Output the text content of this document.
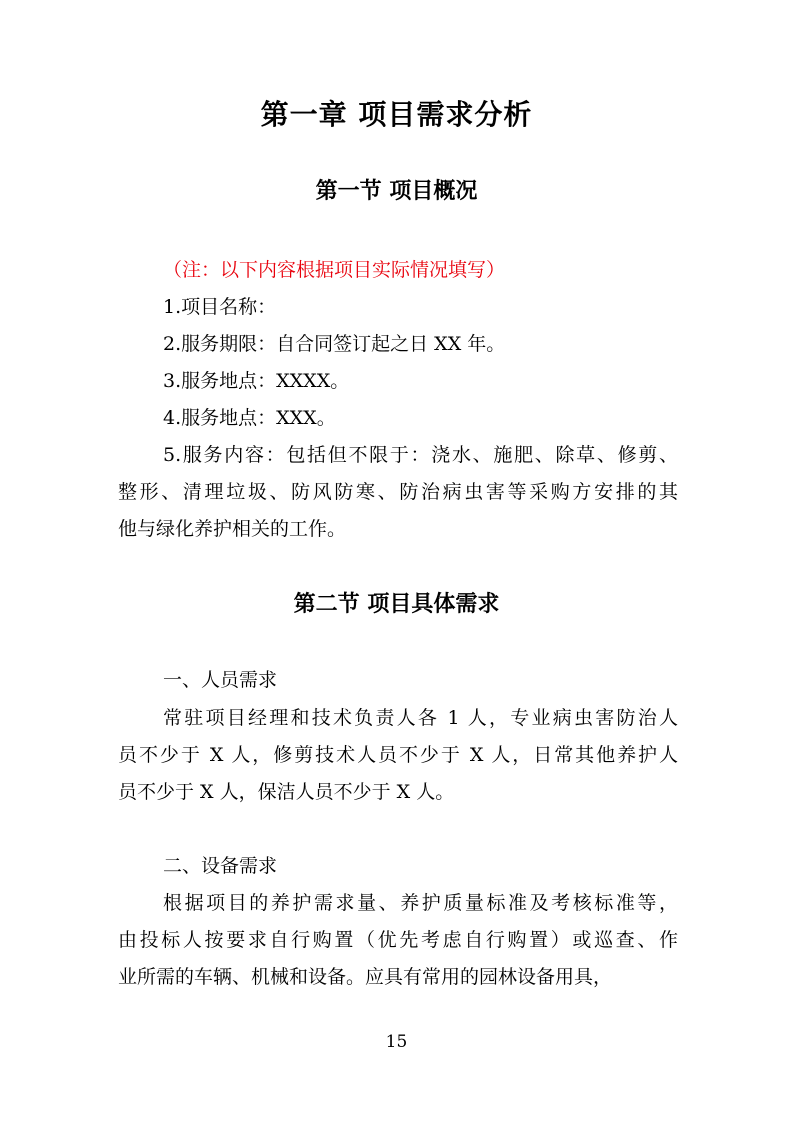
第一章 项目需求分析
第一节 项目概况
（注：以下内容根据项目实际情况填写）
1.项目名称：
2.服务期限：自合同签订起之日 XX 年。
3.服务地点：XXXX。
4.服务地点：XXX。
5.服务内容：包括但不限于：浇水、施肥、除草、修剪、
整形、清理垃圾、防风防寒、防治病虫害等采购方安排的其
他与绿化养护相关的工作。
第二节 项目具体需求
一、人员需求
常驻项目经理和技术负责人各 1 人，专业病虫害防治人
员不少于 X 人，修剪技术人员不少于 X 人，日常其他养护人
员不少于 X 人，保洁人员不少于 X 人。
二、设备需求
根据项目的养护需求量、养护质量标准及考核标准等，
由投标人按要求自行购置（优先考虑自行购置）或巡查、作
业所需的车辆、机械和设备。应具有常用的园林设备用具，
15
